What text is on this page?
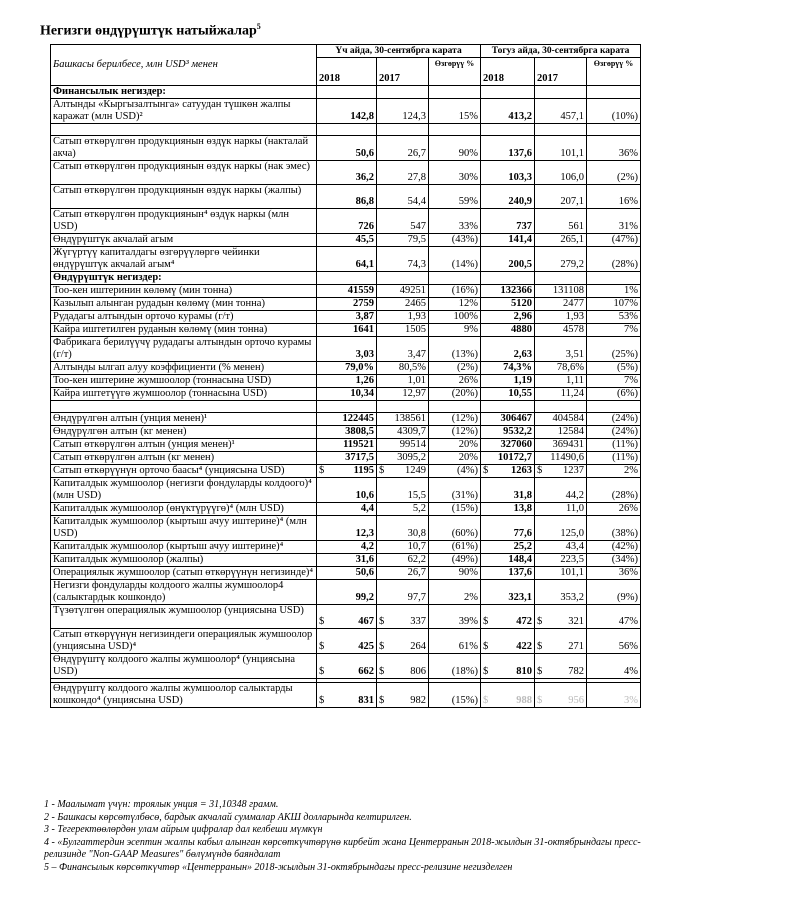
Негизги өндүрүштүк натыйжалар$^5$
Башкасы берилбесе, млн USD³ менен	Үч айда, 30-сентябрга карата			Тогуз айда, 30-сентябрга карата		
	2018	2017	Өзгөрүү %	2018	2017	Өзгөрүү %
Финансылык негиздер:						
Алтынды «Кыргызалтынга» сатуудан түшкөн жалпы каражат (млн USD)²	142,8	124,3	15%	413,2	457,1	(10%)

Сатып өткөрүлгөн продукциянын өздүк наркы (накталай акча)	50,6	26,7	90%	137,6	101,1	36%
Сатып өткөрүлгөн продукциянын өздүк наркы (нак эмес)	36,2	27,8	30%	103,3	106,0	(2%)
Сатып өткөрүлгөн продукциянын өздүк наркы (жалпы)	86,8	54,4	59%	240,9	207,1	16%
Сатып өткөрүлгөн продукциянын⁴ өздүк наркы (млн USD)	726	547	33%	737	561	31%
Өндүрүштүк акчалай агым	45,5	79,5	(43%)	141,4	265,1	(47%)
Жүгүртүү капиталдагы өзгөрүүлөргө чейинки өндүрүштүк акчалай агым⁴	64,1	74,3	(14%)	200,5	279,2	(28%)
Өндүрүштүк негиздер:						
Тоо-кен иштеринин көлөмү (мин тонна)	41559	49251	(16%)	132366	131108	1%
Казылып алынган рудадын көлөмү (мин тонна)	2759	2465	12%	5120	2477	107%
Рудадагы алтындын орточо курамы (г/т)	3,87	1,93	100%	2,96	1,93	53%
Кайра иштетилген руданын көлөмү (мин тонна)	1641	1505	9%	4880	4578	7%
Фабрикага берилүүчү рудадагы алтындын орточо курамы (г/т)	3,03	3,47	(13%)	2,63	3,51	(25%)
Алтынды ылгап алуу коэффициенти (% менен)	79,0%	80,5%	(2%)	74,3%	78,6%	(5%)
Тоо-кен иштерине жумшоолор (тоннасына USD)	1,26	1,01	26%	1,19	1,11	7%
Кайра иштетүүгө жумшоолор (тоннасына USD)	10,34	12,97	(20%)	10,55	11,24	(6%)

Өндүрүлгөн алтын (унция менен)¹	122445	138561	(12%)	306467	404584	(24%)
Өндүрүлгөн алтын (кг менен)	3808,5	4309,7	(12%)	9532,2	12584	(24%)
Сатып өткөрүлгөн алтын (унция менен)¹	119521	99514	20%	327060	369431	(11%)
Сатып өткөрүлгөн алтын (кг менен)	3717,5	3095,2	20%	10172,7	11490,6	(11%)
Сатып өткөрүүнүн орточо баасы⁴ (унциясына USD)	$ 1195	$ 1249	(4%)	$ 1263	$ 1237	2%
Капиталдык жумшоолор (негизги фондуларды колдоого)⁴ (млн USD)	10,6	15,5	(31%)	31,8	44,2	(28%)
Капиталдык жумшоолор (өнүктүрүүгө)⁴ (млн USD)	4,4	5,2	(15%)	13,8	11,0	26%
Капиталдык жумшоолор (кыртыш ачуу иштерине)⁴ (млн USD)	12,3	30,8	(60%)	77,6	125,0	(38%)
Капиталдык жумшоолор (кыртыш ачуу иштерине)⁴	4,2	10,7	(61%)	25,2	43,4	(42%)
Капиталдык жумшоолор (жалпы)	31,6	62,2	(49%)	148,4	223,5	(34%)
Операциялык жумшоолор (сатып өткөрүүнүн негизинде)⁴	50,6	26,7	90%	137,6	101,1	36%
Негизги фондуларды колдоого жалпы жумшоолор4 (салыктардык кошкондо)	99,2	97,7	2%	323,1	353,2	(9%)
Түзөтүлгөн операциялык жумшоолор (унциясына USD)	$ 467	$ 337	39%	$ 472	$ 321	47%
Сатып өткөрүүнүн негизиндеги операциялык жумшоолор (унциясына USD)⁴	$ 425	$ 264	61%	$ 422	$ 271	56%
Өндүрүштү колдоого жалпы жумшоолор⁴ (унциясына USD)	$ 662	$ 806	(18%)	$ 810	$ 782	4%

Өндүрүштү колдоого жалпы жумшоолор салыктарды кошкондо⁴ (унциясына USD)	$ 831	$ 982	(15%)	$ 988	$ 956	3%
1 - Маалымат үчүн: троялык унция = 31,10348 грамм.
2 - Башкасы көрсөтүлбөсө, бардык акчалай суммалар АКШ долларында келтирилген.
3 - Тегеректөөлөрдөн улам айрым цифралар дал келбеши мүмкүн
4 - «Булгаттердин эсептин жалпы кабыл алынган көрсөткүчтөрүнө кирбейт жана Центерранын 2018-жылдын 31-октябрындагы пресс-
релизинде "Non-GAAP Measures" бөлүмүндө баяндалат
5 – Финансылык көрсөткүчтөр «Центерранын» 2018-жылдын 31-октябрындагы пресс-релизине негизделген
